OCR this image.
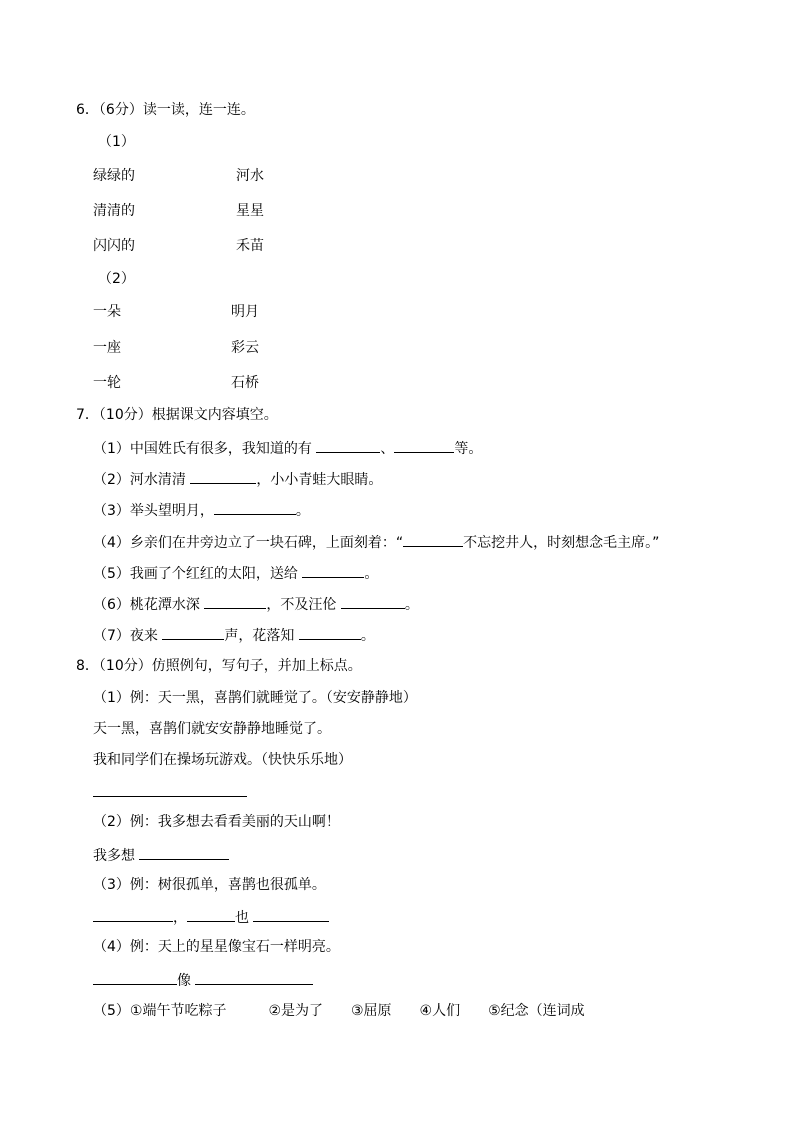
6．（6分）读一读，连一连。
（1）
绿绿的	河水
清清的	星星
闪闪的	禾苗
（2）
一朵	明月
一座	彩云
一轮	石桥
7．（10分）根据课文内容填空。
（1）中国姓氏有很多，我知道的有	、	等。
（2）河水清清	，小小青蛙大眼睛。
（3）举头望明月，	。
（4）乡亲们在井旁边立了一块石碑，上面刻着：“	不忘挖井人，时刻想念毛主席。”
（5）我画了个红红的太阳，送给	。
（6）桃花潭水深	，不及汪伦	。
（7）夜来	声，花落知	。
8．（10分）仿照例句，写句子，并加上标点。
（1）例：天一黑，喜鹊们就睡觉了。（安安静静地）
天一黑，喜鹊们就安安静静地睡觉了。
我和同学们在操场玩游戏。（快快乐乐地）
（2）例：我多想去看看美丽的天山啊！
我多想
（3）例：树很孤单，喜鹊也很孤单。
，	也
（4）例：天上的星星像宝石一样明亮。
像
（5）①端午节吃粽子　　　②是为了　　③屈原　　④人们　　⑤纪念（连词成
